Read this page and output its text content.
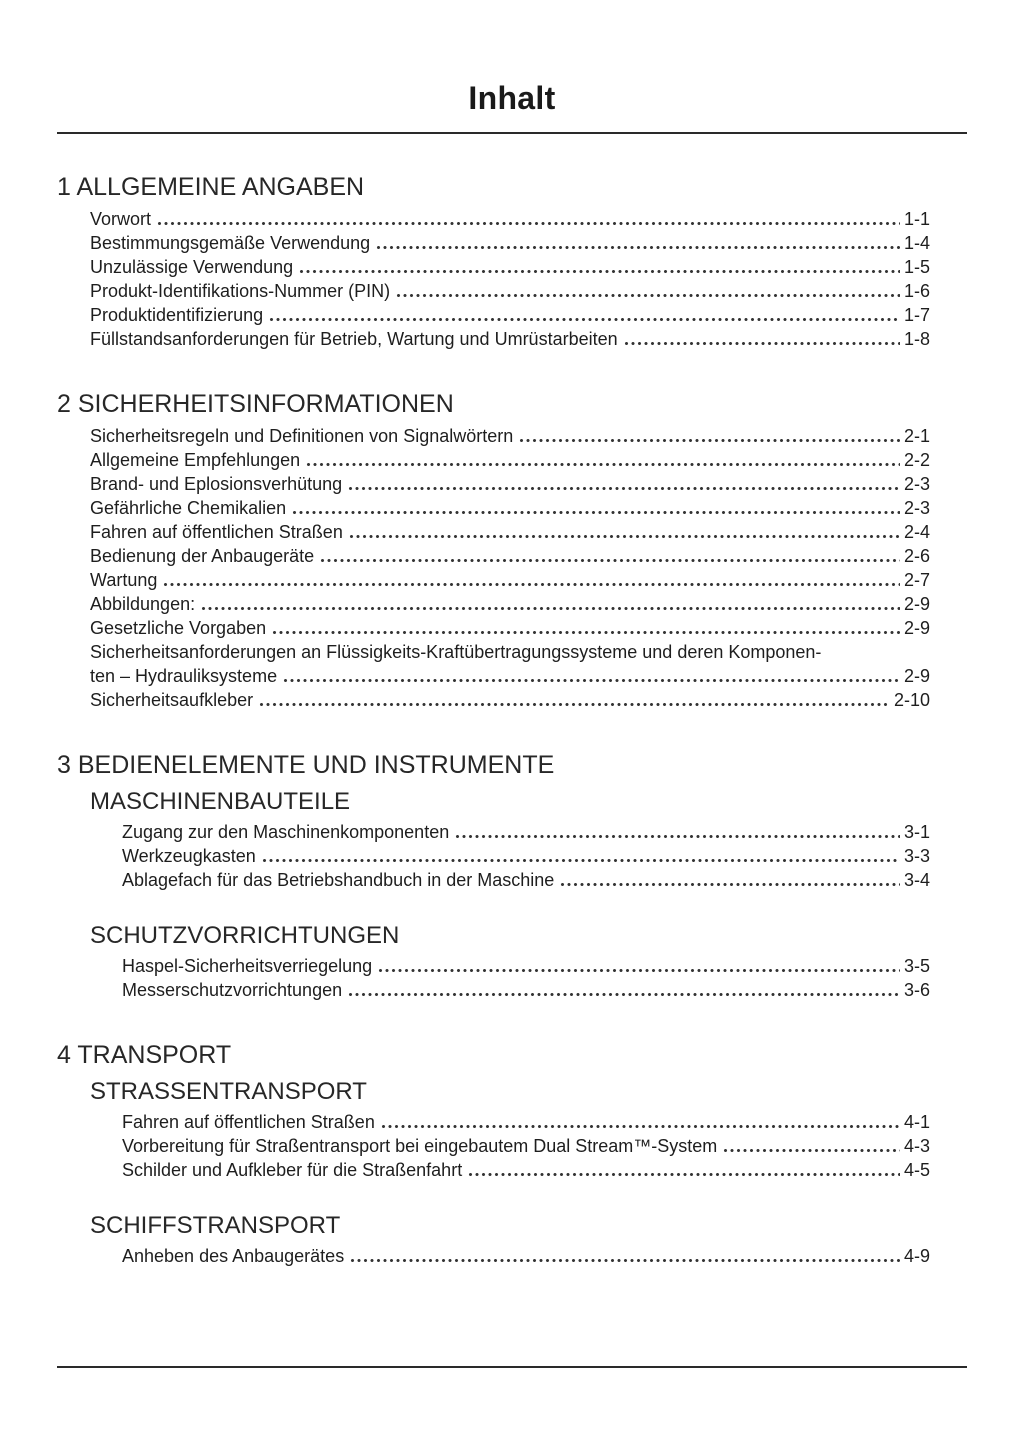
Inhalt
1 ALLGEMEINE ANGABEN
Vorwort	1-1
Bestimmungsgemäße Verwendung	1-4
Unzulässige Verwendung	1-5
Produkt-Identifikations-Nummer (PIN)	1-6
Produktidentifizierung	1-7
Füllstandsanforderungen für Betrieb, Wartung und Umrüstarbeiten	1-8
2 SICHERHEITSINFORMATIONEN
Sicherheitsregeln und Definitionen von Signalwörtern	2-1
Allgemeine Empfehlungen	2-2
Brand- und Eplosionsverhütung	2-3
Gefährliche Chemikalien	2-3
Fahren auf öffentlichen Straßen	2-4
Bedienung der Anbaugeräte	2-6
Wartung	2-7
Abbildungen:	2-9
Gesetzliche Vorgaben	2-9
Sicherheitsanforderungen an Flüssigkeits-Kraftübertragungssysteme und deren Komponen-
ten – Hydrauliksysteme	2-9
Sicherheitsaufkleber	2-10
3 BEDIENELEMENTE UND INSTRUMENTE
MASCHINENBAUTEILE
Zugang zur den Maschinenkomponenten	3-1
Werkzeugkasten	3-3
Ablagefach für das Betriebshandbuch in der Maschine	3-4
SCHUTZVORRICHTUNGEN
Haspel-Sicherheitsverriegelung	3-5
Messerschutzvorrichtungen	3-6
4 TRANSPORT
STRASSENTRANSPORT
Fahren auf öffentlichen Straßen	4-1
Vorbereitung für Straßentransport bei eingebautem Dual Stream™-System	4-3
Schilder und Aufkleber für die Straßenfahrt	4-5
SCHIFFSTRANSPORT
Anheben des Anbaugerätes	4-9
